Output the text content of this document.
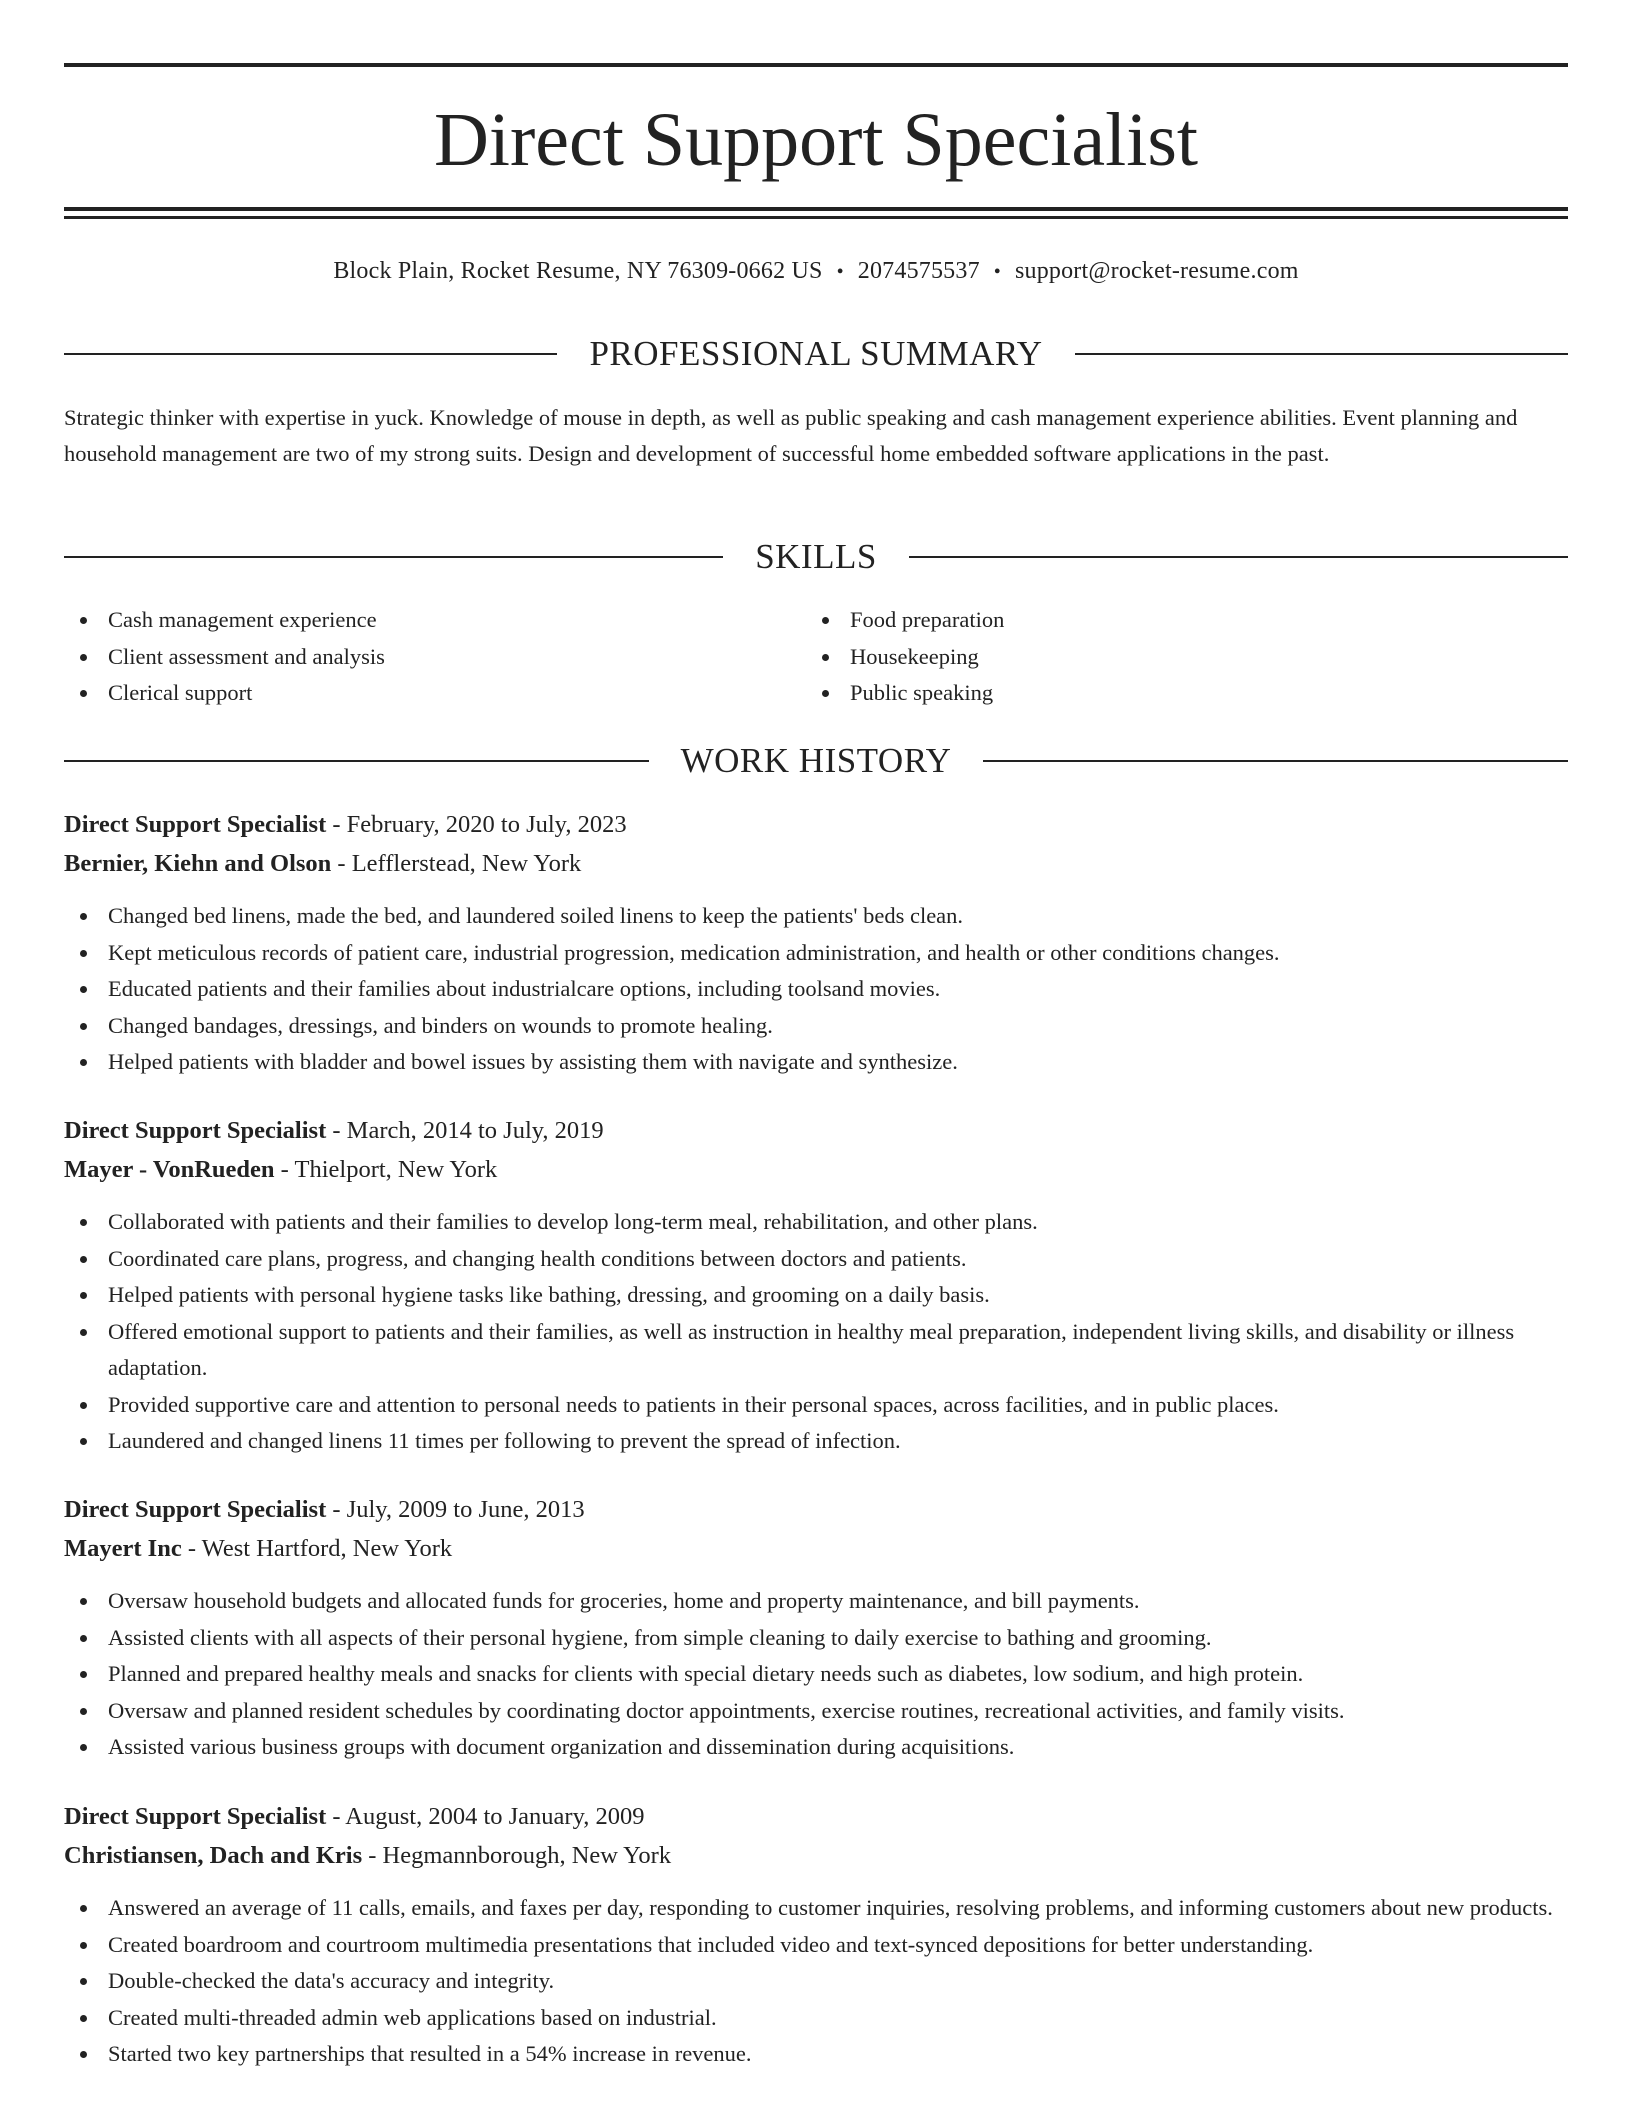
Direct Support Specialist
Block Plain, Rocket Resume, NY 76309-0662 US • 2074575537 • support@rocket-resume.com
PROFESSIONAL SUMMARY

Strategic thinker with expertise in yuck. Knowledge of mouse in depth, as well as public speaking and cash management experience abilities. Event planning and household management are two of my strong suits. Design and development of successful home embedded software applications in the past.

SKILLS
Cash management experience
Client assessment and analysis
Clerical support
Food preparation
Housekeeping
Public speaking
WORK HISTORY
Direct Support Specialist - February, 2020 to July, 2023
Bernier, Kiehn and Olson - Lefflerstead, New York
Changed bed linens, made the bed, and laundered soiled linens to keep the patients' beds clean.
Kept meticulous records of patient care, industrial progression, medication administration, and health or other conditions changes.
Educated patients and their families about industrialcare options, including toolsand movies.
Changed bandages, dressings, and binders on wounds to promote healing.
Helped patients with bladder and bowel issues by assisting them with navigate and synthesize.
Direct Support Specialist - March, 2014 to July, 2019
Mayer - VonRueden - Thielport, New York
Collaborated with patients and their families to develop long-term meal, rehabilitation, and other plans.
Coordinated care plans, progress, and changing health conditions between doctors and patients.
Helped patients with personal hygiene tasks like bathing, dressing, and grooming on a daily basis.
Offered emotional support to patients and their families, as well as instruction in healthy meal preparation, independent living skills, and disability or illness adaptation.
Provided supportive care and attention to personal needs to patients in their personal spaces, across facilities, and in public places.
Laundered and changed linens 11 times per following to prevent the spread of infection.
Direct Support Specialist - July, 2009 to June, 2013
Mayert Inc - West Hartford, New York
Oversaw household budgets and allocated funds for groceries, home and property maintenance, and bill payments.
Assisted clients with all aspects of their personal hygiene, from simple cleaning to daily exercise to bathing and grooming.
Planned and prepared healthy meals and snacks for clients with special dietary needs such as diabetes, low sodium, and high protein.
Oversaw and planned resident schedules by coordinating doctor appointments, exercise routines, recreational activities, and family visits.
Assisted various business groups with document organization and dissemination during acquisitions.
Direct Support Specialist - August, 2004 to January, 2009
Christiansen, Dach and Kris - Hegmannborough, New York
Answered an average of 11 calls, emails, and faxes per day, responding to customer inquiries, resolving problems, and informing customers about new products.
Created boardroom and courtroom multimedia presentations that included video and text-synced depositions for better understanding.
Double-checked the data's accuracy and integrity.
Created multi-threaded admin web applications based on industrial.
Started two key partnerships that resulted in a 54% increase in revenue.
